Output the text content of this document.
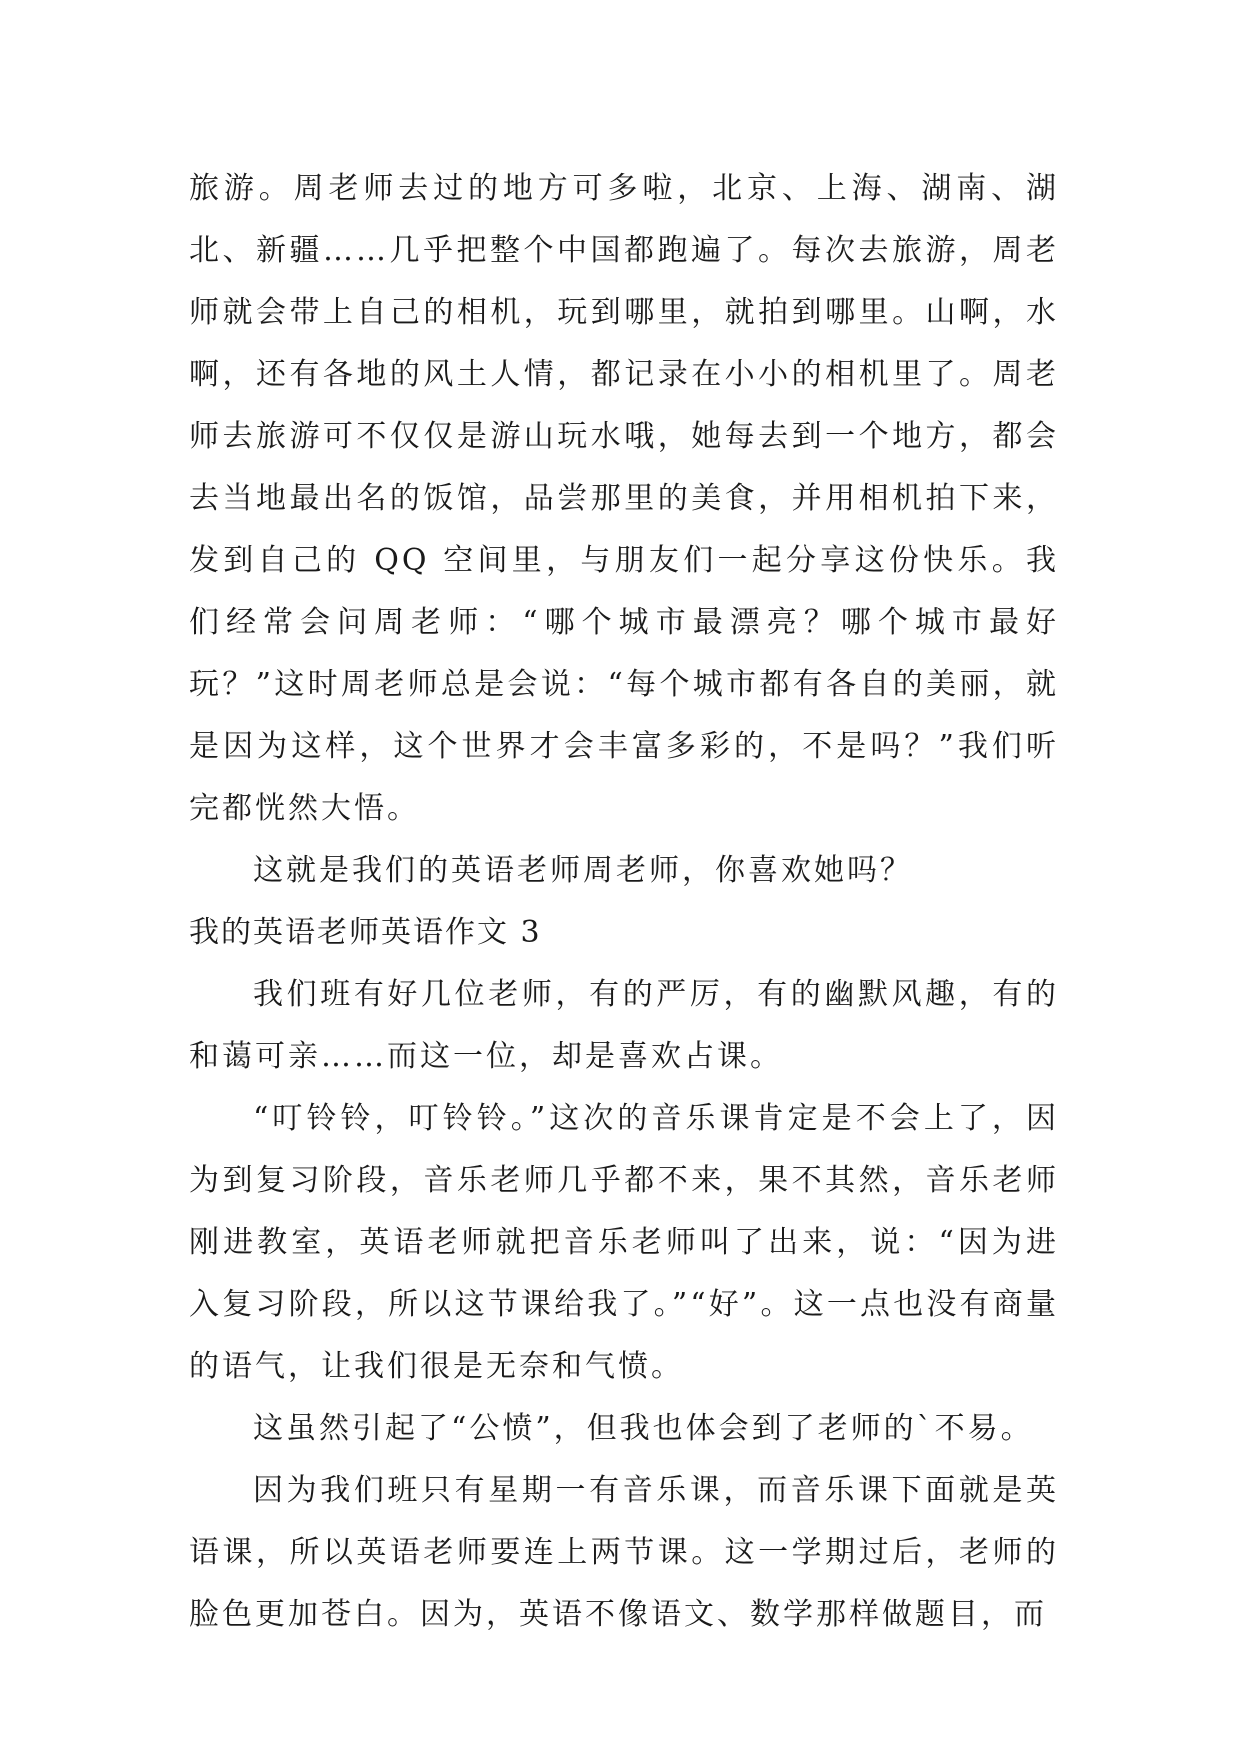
旅游。周老师去过的地方可多啦，北京、上海、湖南、湖北、新疆……几乎把整个中国都跑遍了。每次去旅游，周老师就会带上自己的相机，玩到哪里，就拍到哪里。山啊，水啊，还有各地的风土人情，都记录在小小的相机里了。周老师去旅游可不仅仅是游山玩水哦，她每去到一个地方，都会去当地最出名的饭馆，品尝那里的美食，并用相机拍下来，发到自己的 QQ 空间里，与朋友们一起分享这份快乐。我们经常会问周老师：“哪个城市最漂亮？哪个城市最好玩？”这时周老师总是会说：“每个城市都有各自的美丽，就是因为这样，这个世界才会丰富多彩的，不是吗？”我们听完都恍然大悟。

这就是我们的英语老师周老师，你喜欢她吗？

我的英语老师英语作文 3

我们班有好几位老师，有的严厉，有的幽默风趣，有的和蔼可亲……而这一位，却是喜欢占课。

“叮铃铃，叮铃铃。”这次的音乐课肯定是不会上了，因为到复习阶段，音乐老师几乎都不来，果不其然，音乐老师刚进教室，英语老师就把音乐老师叫了出来，说：“因为进入复习阶段，所以这节课给我了。”“好”。这一点也没有商量的语气，让我们很是无奈和气愤。

这虽然引起了“公愤”，但我也体会到了老师的`不易。

因为我们班只有星期一有音乐课，而音乐课下面就是英语课，所以英语老师要连上两节课。这一学期过后，老师的脸色更加苍白。因为，英语不像语文、数学那样做题目，而
